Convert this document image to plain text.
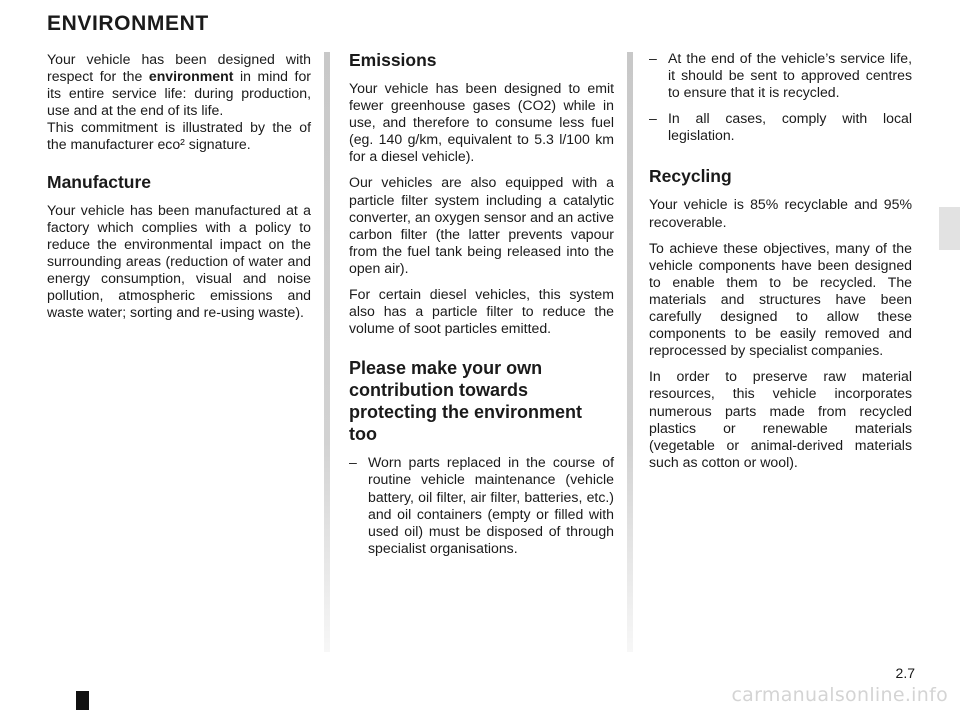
ENVIRONMENT

Your vehicle has been designed with respect for the environment in mind for its entire service life: during production, use and at the end of its life.

This commitment is illustrated by the of the manufacturer eco² signature.

Manufacture

Your vehicle has been manufactured at a factory which complies with a policy to reduce the environmental impact on the surrounding areas (reduction of water and energy consumption, visual and noise pollution, atmospheric emissions and waste water; sorting and re-using waste).

Emissions

Your vehicle has been designed to emit fewer greenhouse gases (CO2) while in use, and therefore to consume less fuel (eg. 140 g/km, equivalent to 5.3 l/100 km for a diesel vehicle).

Our vehicles are also equipped with a particle filter system including a catalytic converter, an oxygen sensor and an active carbon filter (the latter prevents vapour from the fuel tank being released into the open air).

For certain diesel vehicles, this system also has a particle filter to reduce the volume of soot particles emitted.

Please make your own contribution towards protecting the environment too
– Worn parts replaced in the course of routine vehicle maintenance (vehicle battery, oil filter, air filter, batteries, etc.) and oil containers (empty or filled with used oil) must be disposed of through specialist organisations.
– At the end of the vehicle’s service life, it should be sent to approved centres to ensure that it is recycled.
– In all cases, comply with local legislation.
Recycling

Your vehicle is 85% recyclable and 95% recoverable.

To achieve these objectives, many of the vehicle components have been designed to enable them to be recycled. The materials and structures have been carefully designed to allow these components to be easily removed and reprocessed by specialist companies.

In order to preserve raw material resources, this vehicle incorporates numerous parts made from recycled plastics or renewable materials (vegetable or animal-derived materials such as cotton or wool).

2.7
carmanualsonline.info
